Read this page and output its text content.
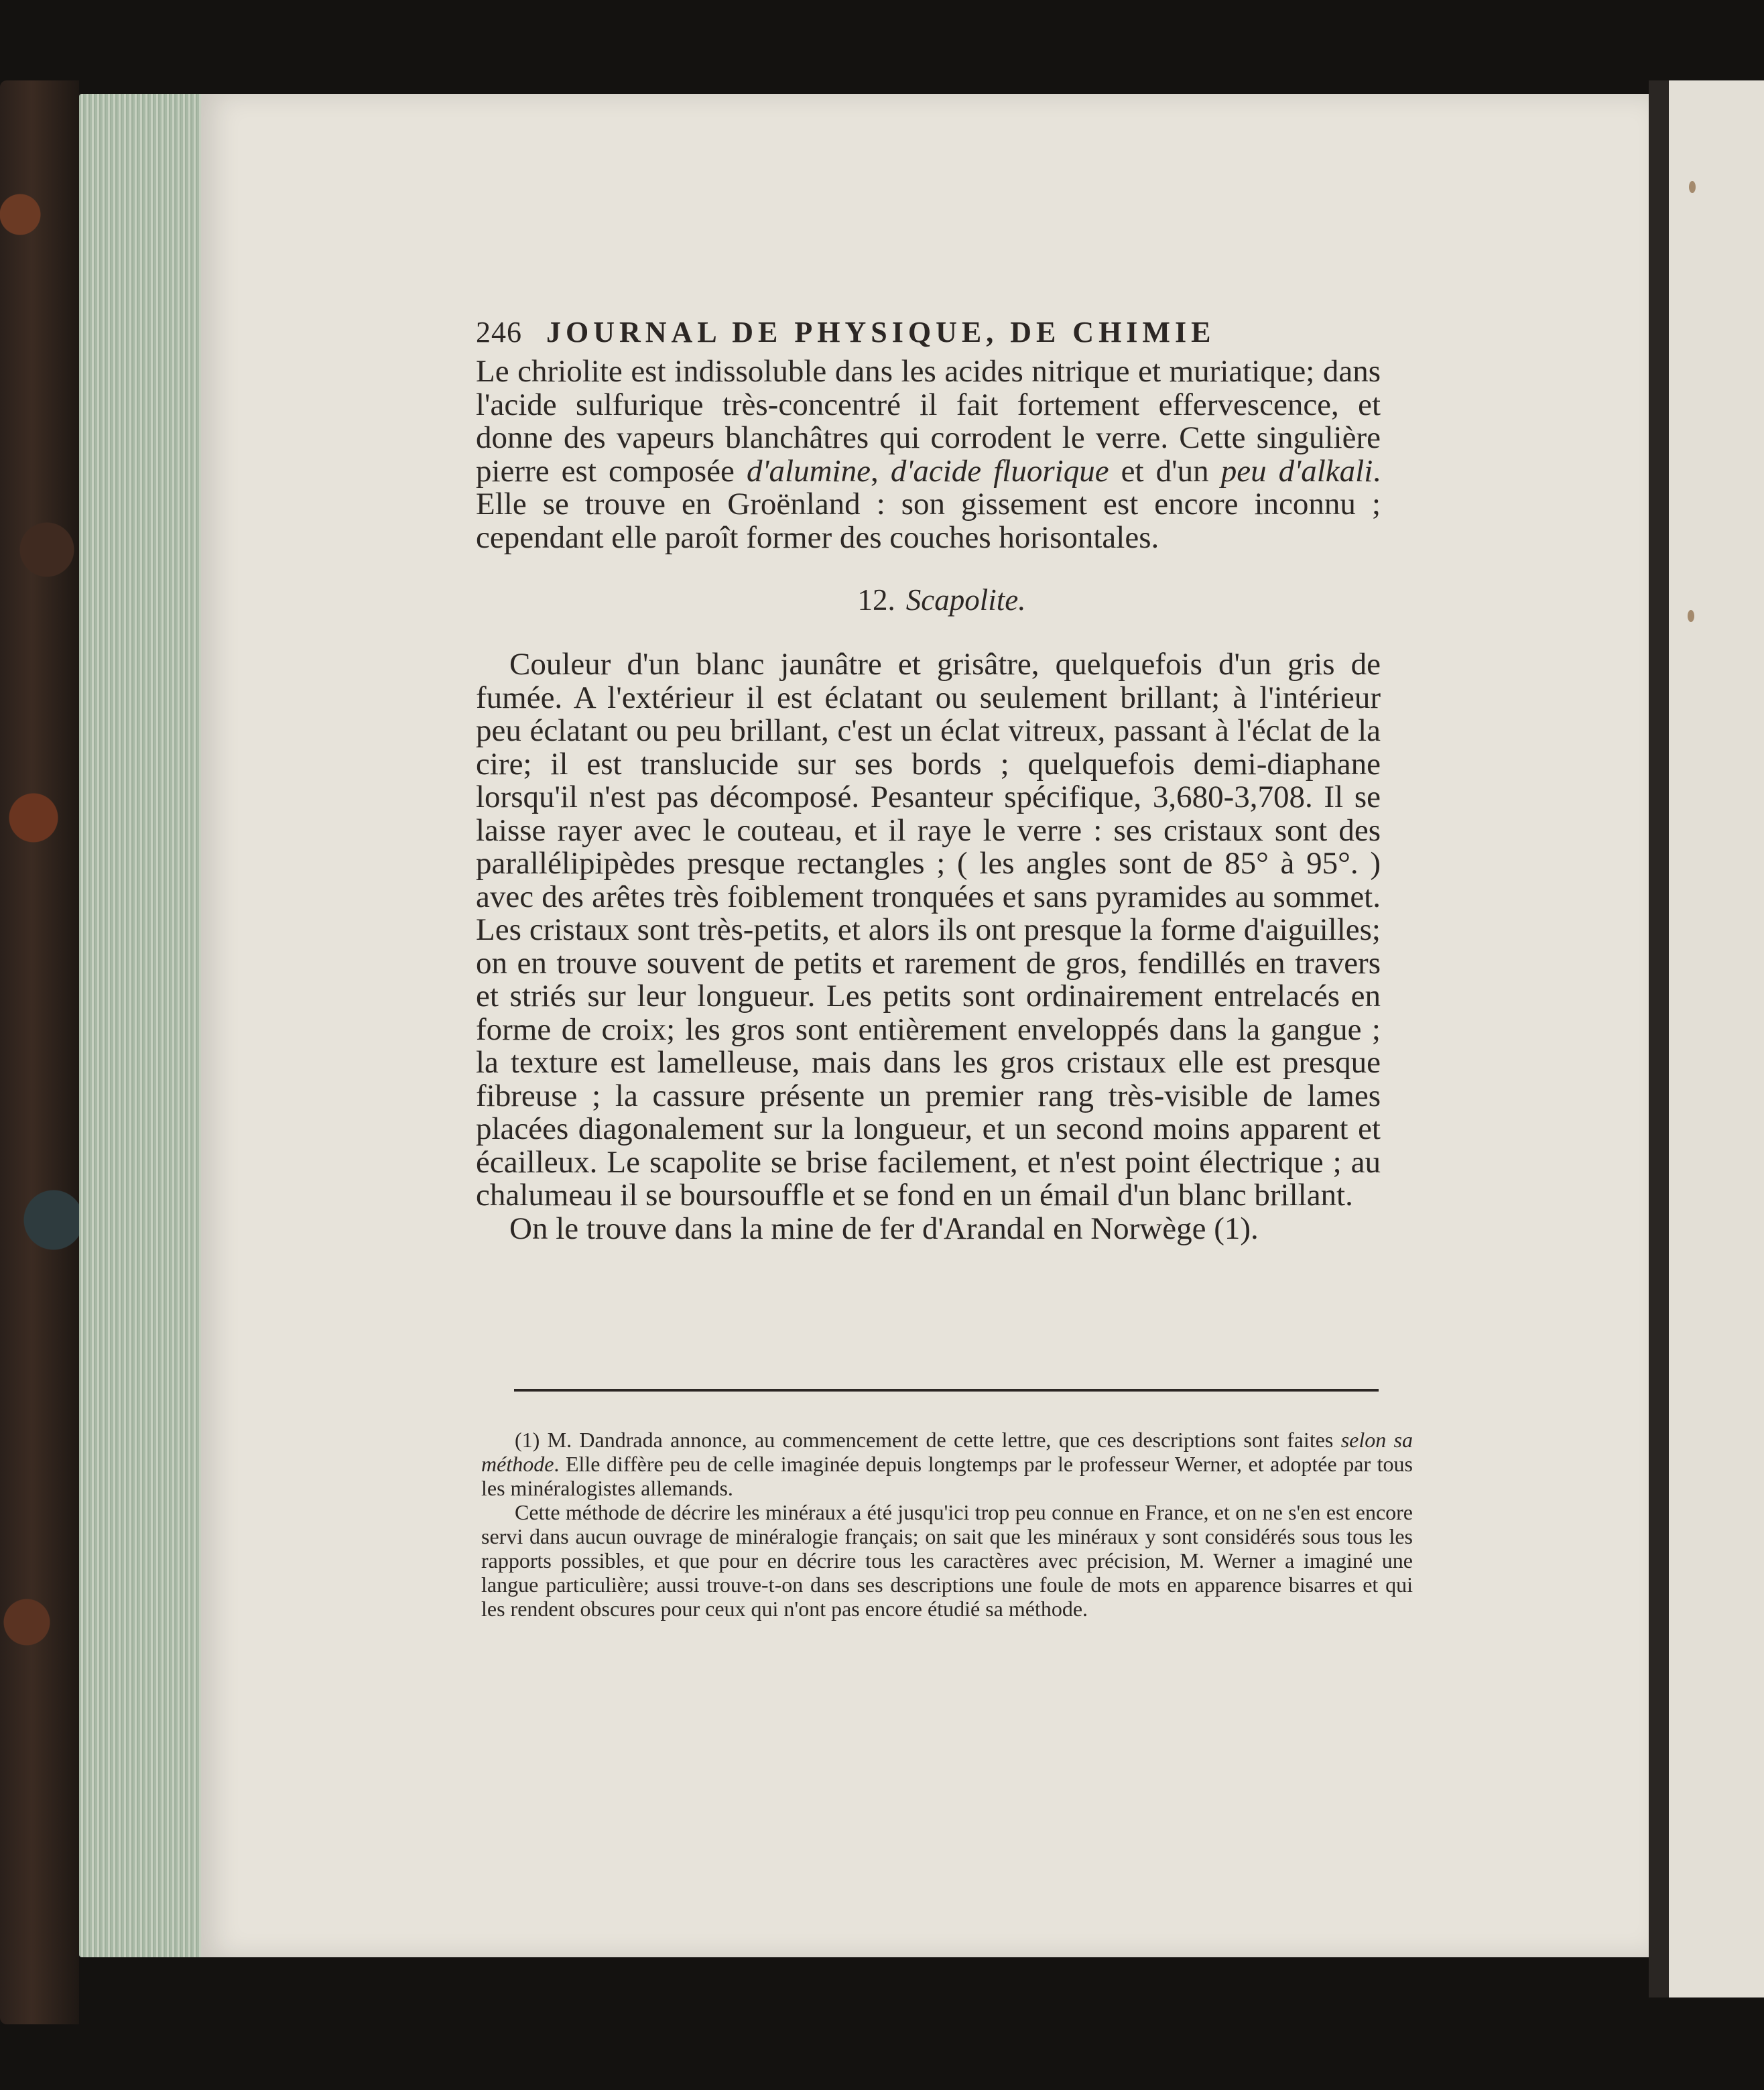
246 JOURNAL DE PHYSIQUE, DE CHIMIE

Le chriolite est indissoluble dans les acides nitrique et muriatique; dans l'acide sulfurique très-concentré il fait fortement effervescence, et donne des vapeurs blanchâtres qui corrodent le verre. Cette singulière pierre est composée d'alumine, d'acide fluorique et d'un peu d'alkali. Elle se trouve en Groënland : son gissement est encore inconnu ; cependant elle paroît former des couches horisontales.

12. Scapolite.

Couleur d'un blanc jaunâtre et grisâtre, quelquefois d'un gris de fumée. A l'extérieur il est éclatant ou seulement brillant; à l'intérieur peu éclatant ou peu brillant, c'est un éclat vitreux, passant à l'éclat de la cire; il est translucide sur ses bords ; quelquefois demi-diaphane lorsqu'il n'est pas décomposé. Pesanteur spécifique, 3,680-3,708. Il se laisse rayer avec le couteau, et il raye le verre : ses cristaux sont des parallélipipèdes presque rectangles ; ( les angles sont de 85° à 95°. ) avec des arêtes très foiblement tronquées et sans pyramides au sommet. Les cristaux sont très-petits, et alors ils ont presque la forme d'aiguilles; on en trouve souvent de petits et rarement de gros, fendillés en travers et striés sur leur longueur. Les petits sont ordinairement entrelacés en forme de croix; les gros sont entièrement enveloppés dans la gangue ; la texture est lamelleuse, mais dans les gros cristaux elle est presque fibreuse ; la cassure présente un premier rang très-visible de lames placées diagonalement sur la longueur, et un second moins apparent et écailleux. Le scapolite se brise facilement, et n'est point électrique ; au chalumeau il se boursouffle et se fond en un émail d'un blanc brillant.

On le trouve dans la mine de fer d'Arandal en Norwège (1).

(1) M. Dandrada annonce, au commencement de cette lettre, que ces descriptions sont faites selon sa méthode. Elle diffère peu de celle imaginée depuis longtemps par le professeur Werner, et adoptée par tous les minéralogistes allemands.

Cette méthode de décrire les minéraux a été jusqu'ici trop peu connue en France, et on ne s'en est encore servi dans aucun ouvrage de minéralogie français; on sait que les minéraux y sont considérés sous tous les rapports possibles, et que pour en décrire tous les caractères avec précision, M. Werner a imaginé une langue particulière; aussi trouve-t-on dans ses descriptions une foule de mots en apparence bisarres et qui les rendent obscures pour ceux qui n'ont pas encore étudié sa méthode.
